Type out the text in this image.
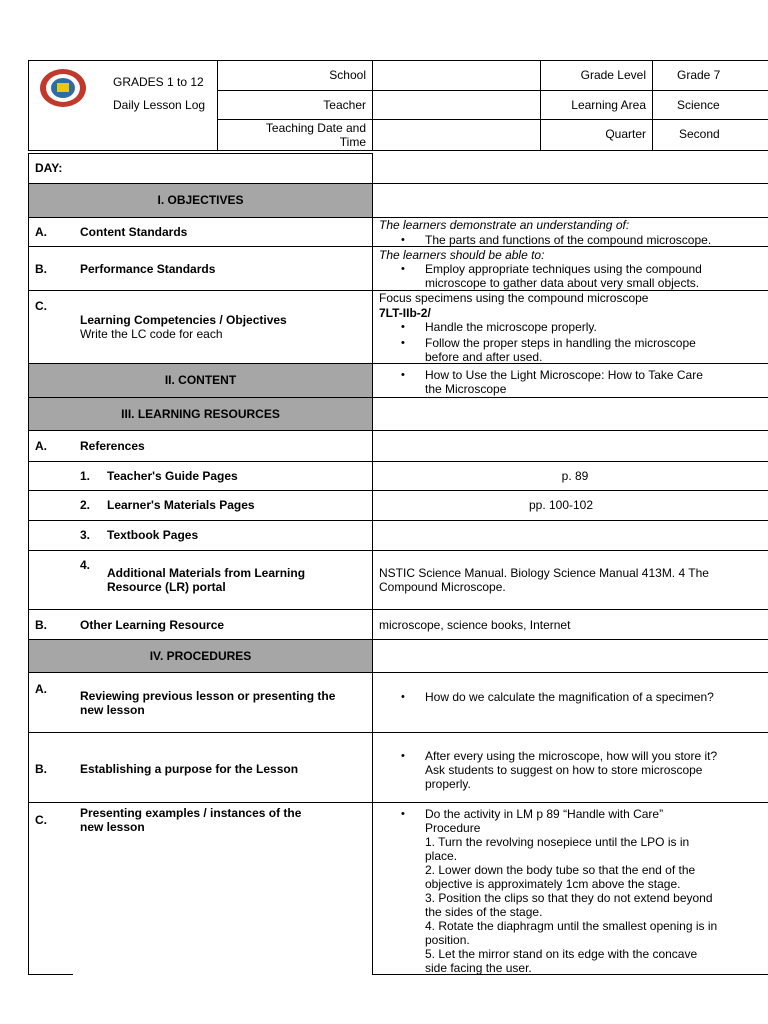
GRADES 1 to 12
Daily Lesson Log
School
Teacher
Teaching Date and
Time
Grade Level	Grade 7
Learning Area	Science
Quarter	Second
DAY:
I. OBJECTIVES
A.	Content Standards	The learners demonstrate an understanding of:
• The parts and functions of the compound microscope.
B.	Performance Standards
The learners should be able to:
• Employ appropriate techniques using the compound
microscope to gather data about very small objects.
C.
Learning Competencies / Objectives
Write the LC code for each
Focus specimens using the compound microscope
7LT-IIb-2/
• Handle the microscope properly.
• Follow the proper steps in handling the microscope
before and after used.
II. CONTENT
•	How to Use the Light Microscope: How to Take Care
the Microscope
III. LEARNING RESOURCES
A.	References
1. Teacher's Guide Pages	p. 89
2. Learner's Materials Pages	pp. 100-102
3. Textbook Pages
4.
Additional Materials from Learning
Resource (LR) portal
NSTIC Science Manual. Biology Science Manual 413M. 4 The
Compound Microscope.
B.	Other Learning Resource	microscope, science books, Internet
IV. PROCEDURES
A.	Reviewing previous lesson or presenting the
new lesson
• How do we calculate the magnification of a specimen?
B.	Establishing a purpose for the Lesson
• After every using the microscope, how will you store it?
Ask students to suggest on how to store microscope
properly.
C.	Presenting examples / instances of the
new lesson
• Do the activity in LM p 89 “Handle with Care”
Procedure
1. Turn the revolving nosepiece until the LPO is in
place.
2. Lower down the body tube so that the end of the
objective is approximately 1cm above the stage.
3. Position the clips so that they do not extend beyond
the sides of the stage.
4. Rotate the diaphragm until the smallest opening is in
position.
5. Let the mirror stand on its edge with the concave
side facing the user.
